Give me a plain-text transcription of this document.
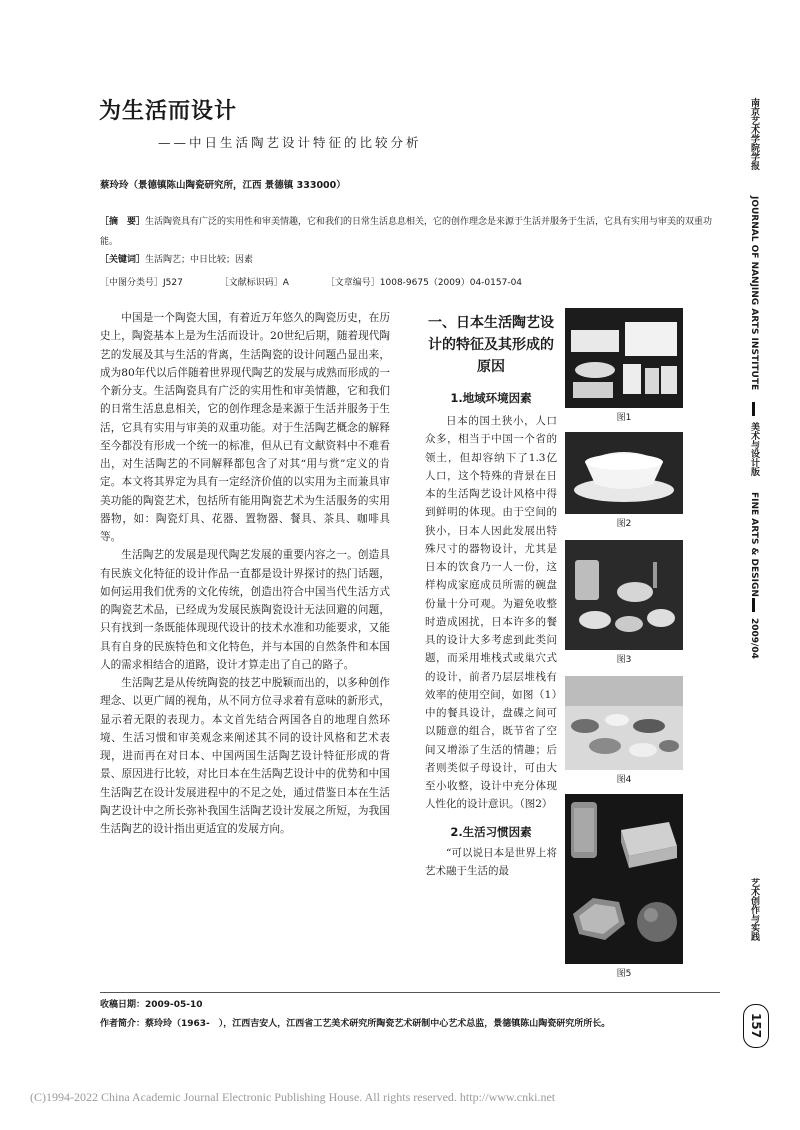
为生活而设计
——中日生活陶艺设计特征的比较分析
蔡玲玲（景德镇陈山陶瓷研究所，江西 景德镇 333000）
［摘　要］生活陶瓷具有广泛的实用性和审美情趣，它和我们的日常生活息息相关，它的创作理念是来源于生活并服务于生活，它具有实用与审美的双重功能。
［关键词］生活陶艺；中日比较；因素
［中图分类号］J527	［文献标识码］A	［文章编号］1008-9675（2009）04-0157-04

中国是一个陶瓷大国，有着近万年悠久的陶瓷历史，在历史上，陶瓷基本上是为生活而设计。20世纪后期，随着现代陶艺的发展及其与生活的背离，生活陶瓷的设计问题凸显出来，成为80年代以后伴随着世界现代陶艺的发展与成熟而形成的一个新分支。生活陶瓷具有广泛的实用性和审美情趣，它和我们的日常生活息息相关，它的创作理念是来源于生活并服务于生活，它具有实用与审美的双重功能。对于生活陶艺概念的解释至今都没有形成一个统一的标准，但从已有文献资料中不难看出，对生活陶艺的不同解释都包含了对其“用与赏”定义的肯定。本文将其界定为具有一定经济价值的以实用为主而兼具审美功能的陶瓷艺术，包括所有能用陶瓷艺术为生活服务的实用器物，如：陶瓷灯具、花器、置物器、餐具、茶具、咖啡具等。

生活陶艺的发展是现代陶艺发展的重要内容之一。创造具有民族文化特征的设计作品一直都是设计界探讨的热门话题，如何运用我们优秀的文化传统，创造出符合中国当代生活方式的陶瓷艺术品，已经成为发展民族陶瓷设计无法回避的问题，只有找到一条既能体现现代设计的技术水准和功能要求，又能具有自身的民族特色和文化特色，并与本国的自然条件和本国人的需求相结合的道路，设计才算走出了自己的路子。

生活陶艺是从传统陶瓷的技艺中脱颖而出的，以多种创作理念、以更广阔的视角，从不同方位寻求着有意味的新形式，显示着无限的表现力。本文首先结合两国各自的地理自然环境、生活习惯和审美观念来阐述其不同的设计风格和艺术表现，进而再在对日本、中国两国生活陶艺设计特征形成的背景、原因进行比较，对比日本在生活陶艺设计中的优势和中国生活陶艺在设计发展进程中的不足之处，通过借鉴日本在生活陶艺设计中之所长弥补我国生活陶艺设计发展之所短，为我国生活陶艺的设计指出更适宜的发展方向。

一、日本生活陶艺设计的特征及其形成的原因

1.地域环境因素

日本的国土狭小，人口众多，相当于中国一个省的领土，但却容纳下了1.3亿人口，这个特殊的背景在日本的生活陶艺设计风格中得到鲜明的体现。由于空间的狭小，日本人因此发展出特殊尺寸的器物设计，尤其是日本的饮食乃一人一份，这样构成家庭成员所需的碗盘份量十分可观。为避免收整时造成困扰，日本许多的餐具的设计大多考虑到此类问题，而采用堆栈式或巢穴式的设计，前者乃层层堆栈有效率的使用空间，如图（1）中的餐具设计，盘碟之间可以随意的组合，既节省了空间又增添了生活的情趣；后者则类似子母设计，可由大至小收整，设计中充分体现人性化的设计意识。（图2）

2.生活习惯因素

“可以说日本是世界上将艺术融于生活的最

图1
图2
图3
图4
图5
收稿日期：2009-05-10
作者简介：蔡玲玲（1963-　），江西吉安人，江西省工艺美术研究所陶瓷艺术研制中心艺术总监，景德镇陈山陶瓷研究所所长。
(C)1994-2022 China Academic Journal Electronic Publishing House. All rights reserved. http://www.cnki.net
南京艺术学院学报
JOURNAL OF NANJING ARTS INSTITUTE
美术与设计版
FINE ARTS & DESIGN
2009/04
艺术创作与实践
157
